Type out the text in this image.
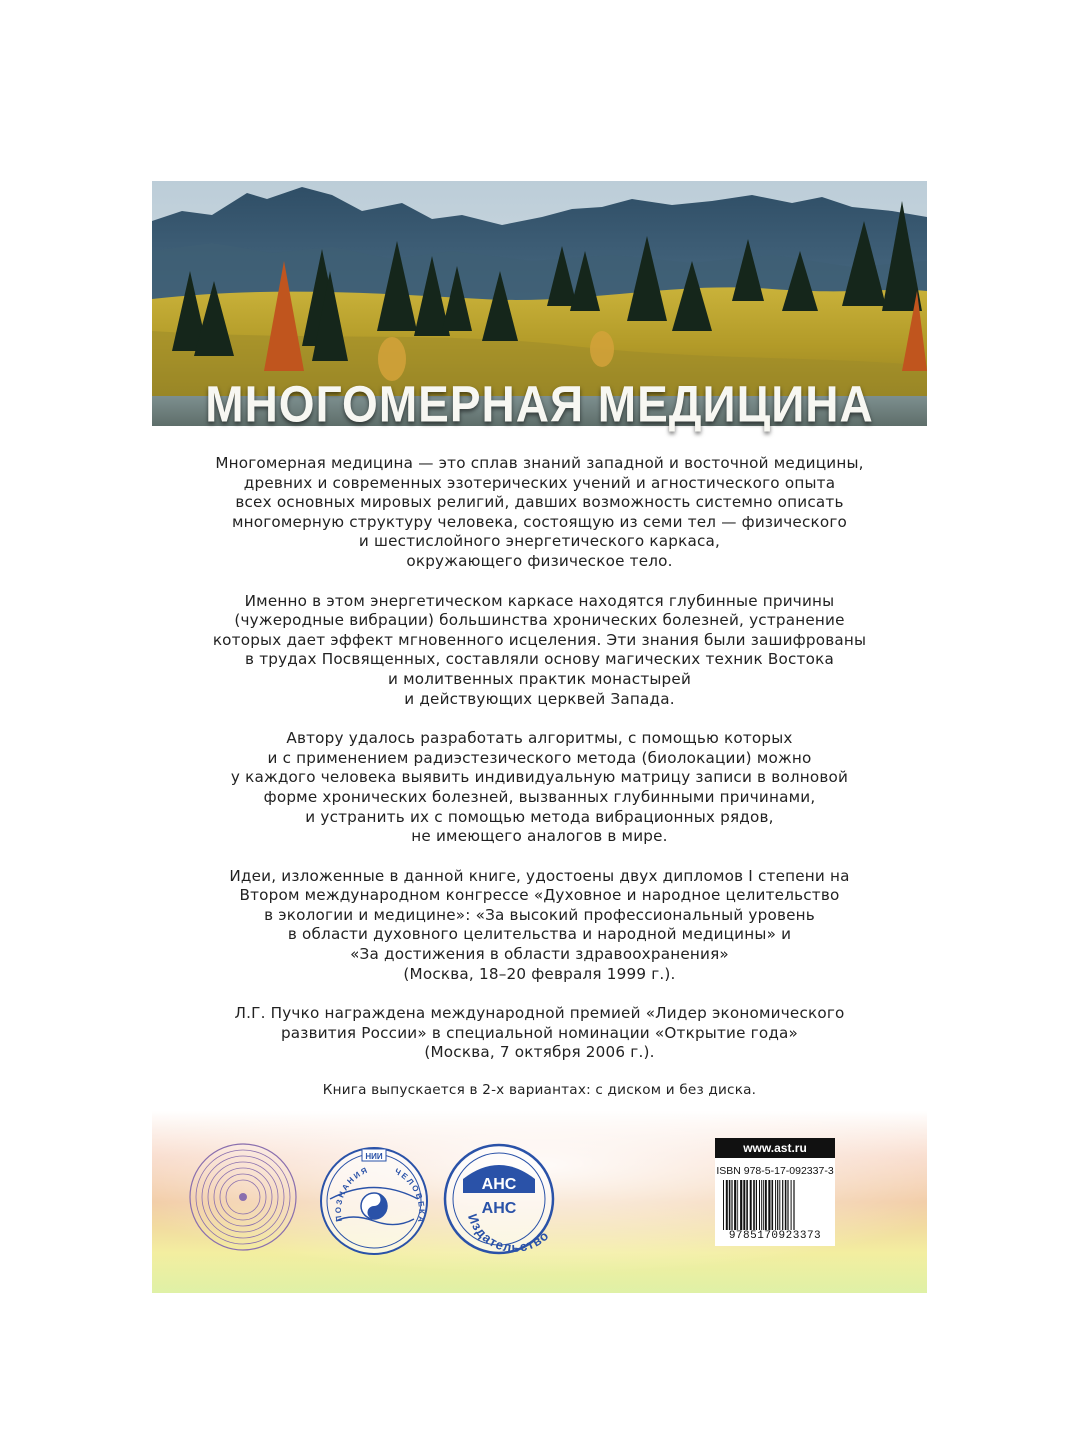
МНОГОМЕРНАЯ МЕДИЦИНА
Многомерная медицина — это сплав знаний западной и восточной медицины,
древних и современных эзотерических учений и агностического опыта
всех основных мировых религий, давших возможность системно описать
многомерную структуру человека, состоящую из семи тел — физического
и шестислойного энергетического каркаса,
окружающего физическое тело.
Именно в этом энергетическом каркасе находятся глубинные причины
(чужеродные вибрации) большинства хронических болезней, устранение
которых дает эффект мгновенного исцеления. Эти знания были зашифрованы
в трудах Посвященных, составляли основу магических техник Востока
и молитвенных практик монастырей
и действующих церквей Запада.
Автору удалось разработать алгоритмы, с помощью которых
и с применением радиэстезического метода (биолокации) можно
у каждого человека выявить индивидуальную матрицу записи в волновой
форме хронических болезней, вызванных глубинными причинами,
и устранить их с помощью метода вибрационных рядов,
не имеющего аналогов в мире.
Идеи, изложенные в данной книге, удостоены двух дипломов I степени на
Втором международном конгрессе «Духовное и народное целительство
в экологии и медицине»: «За высокий профессиональный уровень
в области духовного целительства и народной медицины» и
«За достижения в области здравоохранения»
(Москва, 18–20 февраля 1999 г.).
Л.Г. Пучко награждена международной премией «Лидер экономического
развития России» в специальной номинации «Открытие года»
(Москва, 7 октября 2006 г.).
Книга выпускается в 2-х вариантах: с диском и без диска.
НИИ
ПОЗНАНИЯ	ЧЕЛОВЕКА
АНС
АНС
Издательство
www.ast.ru
ISBN 978-5-17-092337-3
9785170923373
